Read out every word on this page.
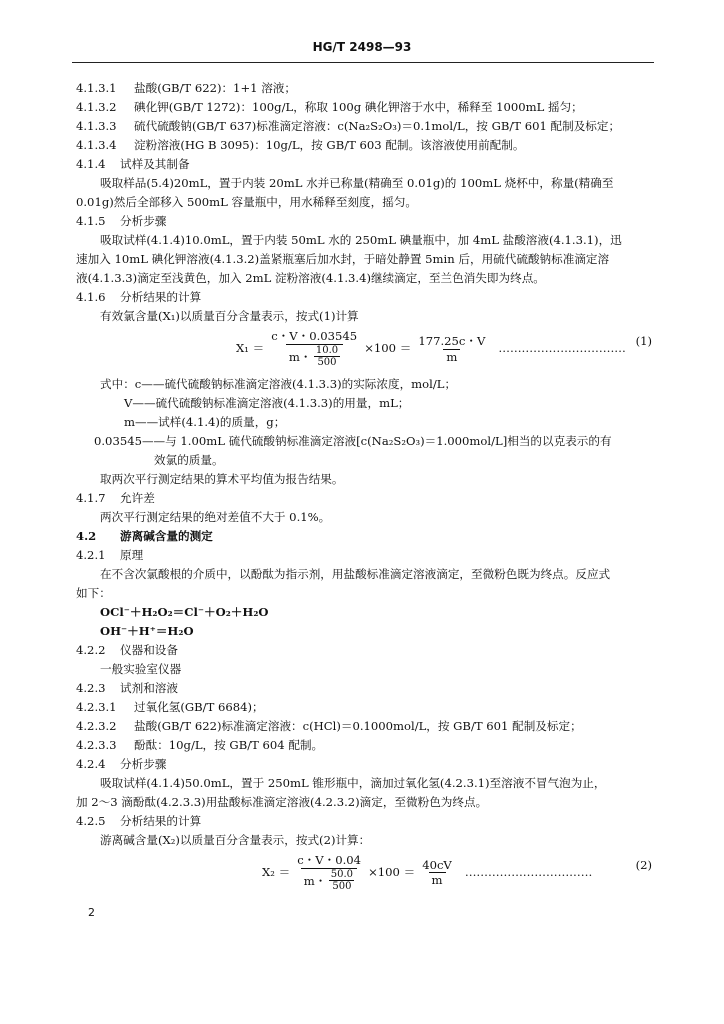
HG/T 2498—93
4.1.3.1 盐酸(GB/T 622)：1+1 溶液；
4.1.3.2 碘化钾(GB/T 1272)：100g/L，称取 100g 碘化钾溶于水中，稀释至 1000mL 摇匀；
4.1.3.3 硫代硫酸钠(GB/T 637)标准滴定溶液：c(Na₂S₂O₃)＝0.1mol/L，按 GB/T 601 配制及标定；
4.1.3.4 淀粉溶液(HG B 3095)：10g/L，按 GB/T 603 配制。该溶液使用前配制。
4.1.4 试样及其制备
吸取样品(5.4)20mL，置于内装 20mL 水并已称量(精确至 0.01g)的 100mL 烧杯中，称量(精确至
0.01g)然后全部移入 500mL 容量瓶中，用水稀释至刻度，摇匀。
4.1.5 分析步骤
吸取试样(4.1.4)10.0mL，置于内装 50mL 水的 250mL 碘量瓶中，加 4mL 盐酸溶液(4.1.3.1)，迅
速加入 10mL 碘化钾溶液(4.1.3.2)盖紧瓶塞后加水封，于暗处静置 5min 后，用硫代硫酸钠标准滴定溶
液(4.1.3.3)滴定至浅黄色，加入 2mL 淀粉溶液(4.1.3.4)继续滴定，至兰色消失即为终点。
4.1.6 分析结果的计算
有效氯含量(X₁)以质量百分含量表示，按式(1)计算
$X_1 = \frac{c・V・0.03545}{m・ \frac{10.0}{500}} \times 100 = \frac{177.25c・V}{m}$ …………………………… (1)
式中：c——硫代硫酸钠标准滴定溶液(4.1.3.3)的实际浓度，mol/L；
V——硫代硫酸钠标准滴定溶液(4.1.3.3)的用量，mL；
m——试样(4.1.4)的质量，g；
0.03545——与 1.00mL 硫代硫酸钠标准滴定溶液[c(Na₂S₂O₃)＝1.000mol/L]相当的以克表示的有
效氯的质量。
取两次平行测定结果的算术平均值为报告结果。
4.1.7 允许差
两次平行测定结果的绝对差值不大于 0.1%。
4.2 游离碱含量的测定
4.2.1 原理
在不含次氯酸根的介质中，以酚酞为指示剂，用盐酸标准滴定溶液滴定，至微粉色既为终点。反应式
如下：
OCl⁻＋H₂O₂＝Cl⁻＋O₂＋H₂O
OH⁻＋H⁺＝H₂O
4.2.2 仪器和设备
一般实验室仪器
4.2.3 试剂和溶液
4.2.3.1 过氧化氢(GB/T 6684)；
4.2.3.2 盐酸(GB/T 622)标准滴定溶液：c(HCl)＝0.1000mol/L，按 GB/T 601 配制及标定；
4.2.3.3 酚酞：10g/L，按 GB/T 604 配制。
4.2.4 分析步骤
吸取试样(4.1.4)50.0mL，置于 250mL 锥形瓶中，滴加过氧化氢(4.2.3.1)至溶液不冒气泡为止，
加 2～3 滴酚酞(4.2.3.3)用盐酸标准滴定溶液(4.2.3.2)滴定，至微粉色为终点。
4.2.5 分析结果的计算
游离碱含量(X₂)以质量百分含量表示，按式(2)计算：
$X_2 = \frac{c・V・0.04}{m・ \frac{50.0}{500}} \times 100 = \frac{40cV}{m}$ ……………………………	(2)
2
